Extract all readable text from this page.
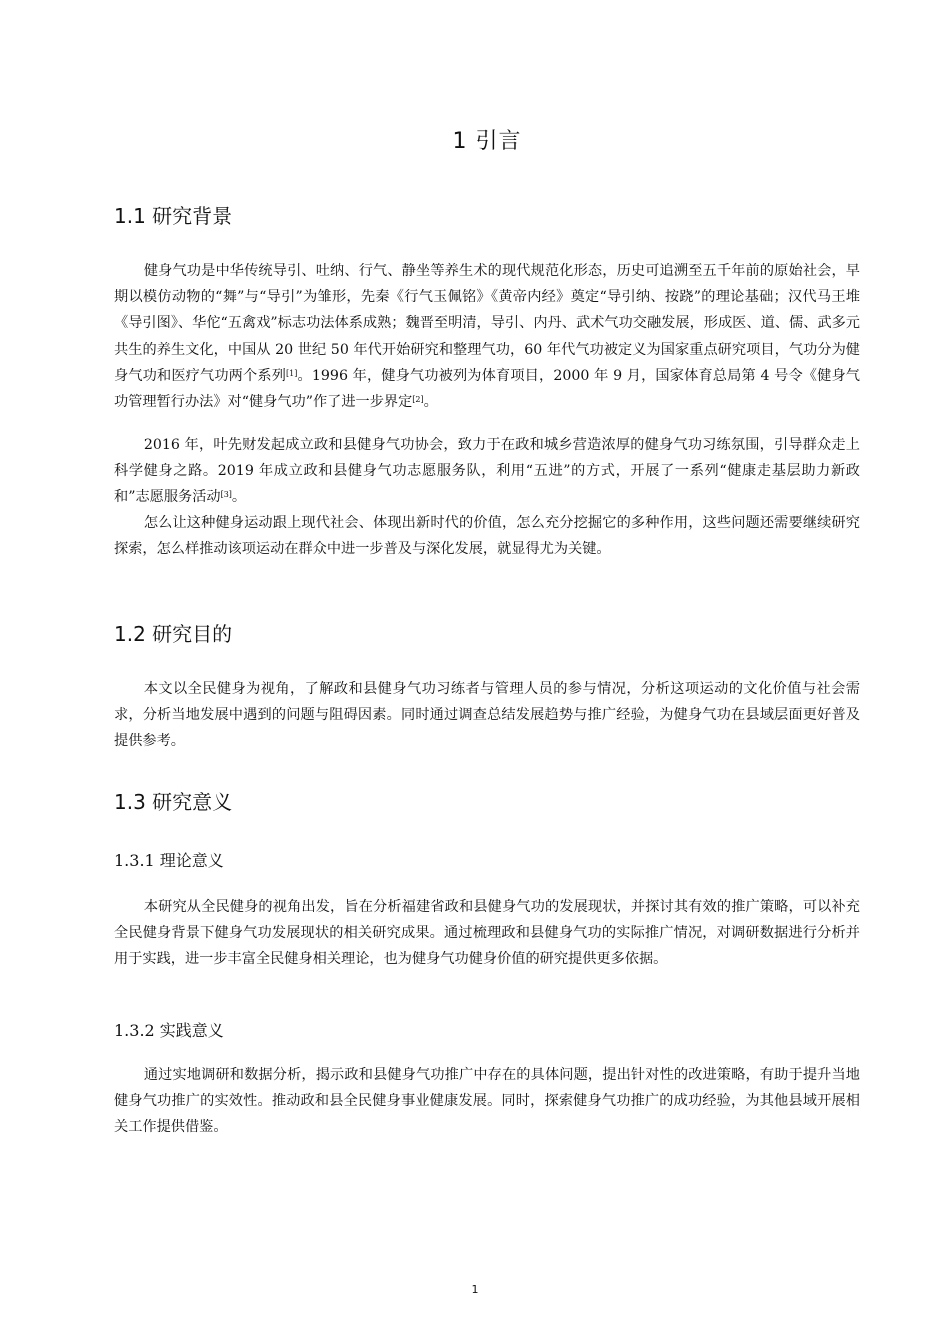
1 引言
1.1 研究背景

健身气功是中华传统导引、吐纳、行气、静坐等养生术的现代规范化形态，历史可追溯至五千年前的原始社会，早期以模仿动物的“舞”与“导引”为雏形，先秦《行气玉佩铭》《黄帝内经》奠定“导引纳、按跷”的理论基础；汉代马王堆《导引图》、华佗“五禽戏”标志功法体系成熟；魏晋至明清，导引、内丹、武术气功交融发展，形成医、道、儒、武多元共生的养生文化，中国从 20 世纪 50 年代开始研究和整理气功，60 年代气功被定义为国家重点研究项目，气功分为健身气功和医疗气功两个系列[1]。1996 年，健身气功被列为体育项目，2000 年 9 月，国家体育总局第 4 号令《健身气功管理暂行办法》对“健身气功”作了进一步界定[2]。

2016 年，叶先财发起成立政和县健身气功协会，致力于在政和城乡营造浓厚的健身气功习练氛围，引导群众走上科学健身之路。2019 年成立政和县健身气功志愿服务队，利用“五进”的方式，开展了一系列“健康走基层助力新政和”志愿服务活动[3]。

怎么让这种健身运动跟上现代社会、体现出新时代的价值，怎么充分挖掘它的多种作用，这些问题还需要继续研究探索，怎么样推动该项运动在群众中进一步普及与深化发展，就显得尤为关键。

1.2 研究目的

本文以全民健身为视角，了解政和县健身气功习练者与管理人员的参与情况，分析这项运动的文化价值与社会需求，分析当地发展中遇到的问题与阻碍因素。同时通过调查总结发展趋势与推广经验，为健身气功在县域层面更好普及提供参考。

1.3 研究意义
1.3.1 理论意义

本研究从全民健身的视角出发，旨在分析福建省政和县健身气功的发展现状，并探讨其有效的推广策略，可以补充全民健身背景下健身气功发展现状的相关研究成果。通过梳理政和县健身气功的实际推广情况，对调研数据进行分析并用于实践，进一步丰富全民健身相关理论，也为健身气功健身价值的研究提供更多依据。

1.3.2 实践意义

通过实地调研和数据分析，揭示政和县健身气功推广中存在的具体问题，提出针对性的改进策略，有助于提升当地健身气功推广的实效性。推动政和县全民健身事业健康发展。同时，探索健身气功推广的成功经验，为其他县域开展相关工作提供借鉴。

1
